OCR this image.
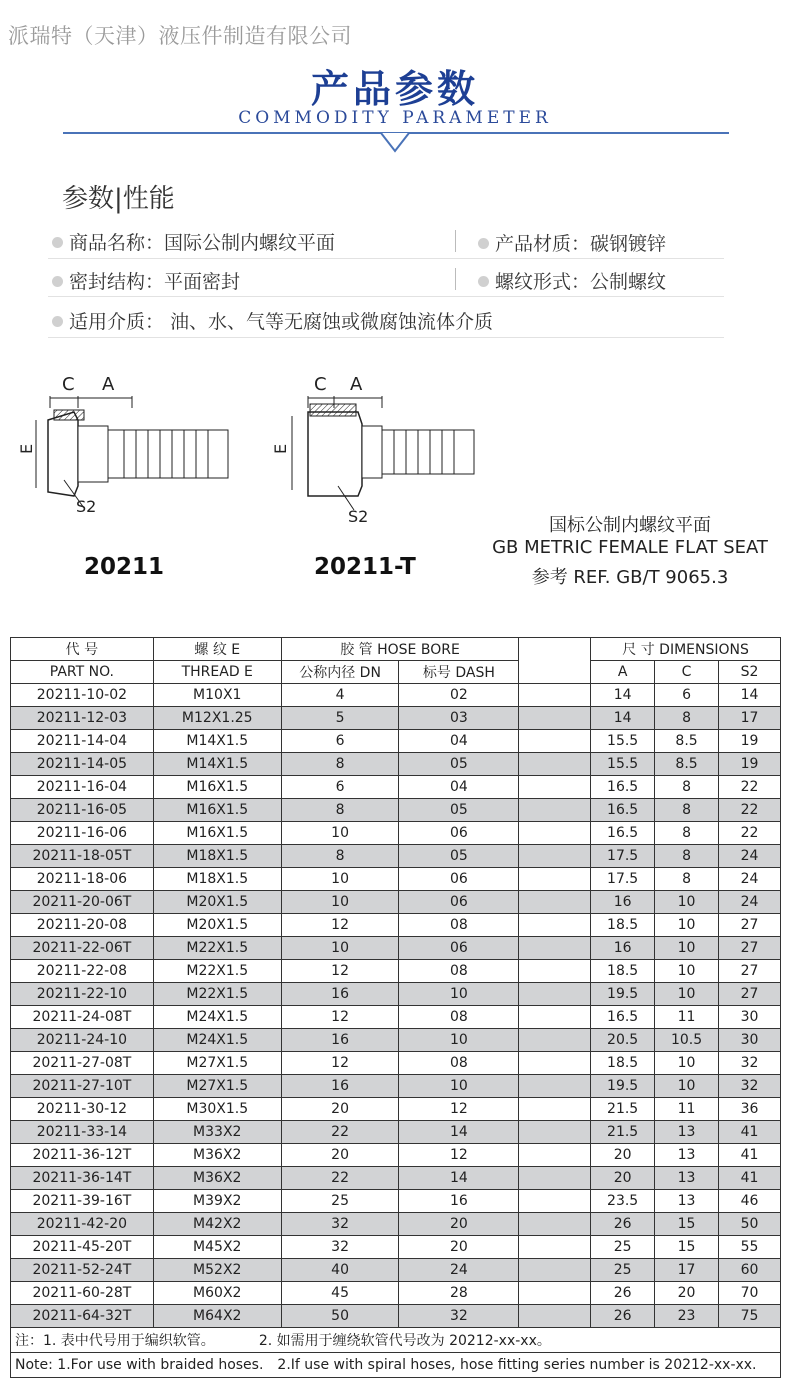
派瑞特（天津）液压件制造有限公司
产品参数
COMMODITY PARAMETER
参数|性能
商品名称：国际公制内螺纹平面	产品材质：碳钢镀锌
密封结构：平面密封	螺纹形式：公制螺纹
适用介质： 油、水、气等无腐蚀或微腐蚀流体介质
C A
E
S2
C A
E
S2
20211	20211-T
国标公制内螺纹平面
GB METRIC FEMALE FLAT SEAT
参考 REF. GB/T 9065.3
代 号	螺 纹 E	胶 管 HOSE BORE			尺 寸 DIMENSIONS		
PART NO.	THREAD E	公称内径 DN	标号 DASH		A	C	S2
20211-10-02	M10X1	4	02		14	6	14
20211-12-03	M12X1.25	5	03		14	8	17
20211-14-04	M14X1.5	6	04		15.5	8.5	19
20211-14-05	M14X1.5	8	05		15.5	8.5	19
20211-16-04	M16X1.5	6	04		16.5	8	22
20211-16-05	M16X1.5	8	05		16.5	8	22
20211-16-06	M16X1.5	10	06		16.5	8	22
20211-18-05T	M18X1.5	8	05		17.5	8	24
20211-18-06	M18X1.5	10	06		17.5	8	24
20211-20-06T	M20X1.5	10	06		16	10	24
20211-20-08	M20X1.5	12	08		18.5	10	27
20211-22-06T	M22X1.5	10	06		16	10	27
20211-22-08	M22X1.5	12	08		18.5	10	27
20211-22-10	M22X1.5	16	10		19.5	10	27
20211-24-08T	M24X1.5	12	08		16.5	11	30
20211-24-10	M24X1.5	16	10		20.5	10.5	30
20211-27-08T	M27X1.5	12	08		18.5	10	32
20211-27-10T	M27X1.5	16	10		19.5	10	32
20211-30-12	M30X1.5	20	12		21.5	11	36
20211-33-14	M33X2	22	14		21.5	13	41
20211-36-12T	M36X2	20	12		20	13	41
20211-36-14T	M36X2	22	14		20	13	41
20211-39-16T	M39X2	25	16		23.5	13	46
20211-42-20	M42X2	32	20		26	15	50
20211-45-20T	M45X2	32	20		25	15	55
20211-52-24T	M52X2	40	24		25	17	60
20211-60-28T	M60X2	45	28		26	20	70
20211-64-32T	M64X2	50	32		26	23	75
注：1. 表中代号用于编织软管。 2. 如需用于缠绕软管代号改为 20212-xx-xx。							
Note: 1.For use with braided hoses. 2.If use with spiral hoses, hose fitting series number is 20212-xx-xx.							
